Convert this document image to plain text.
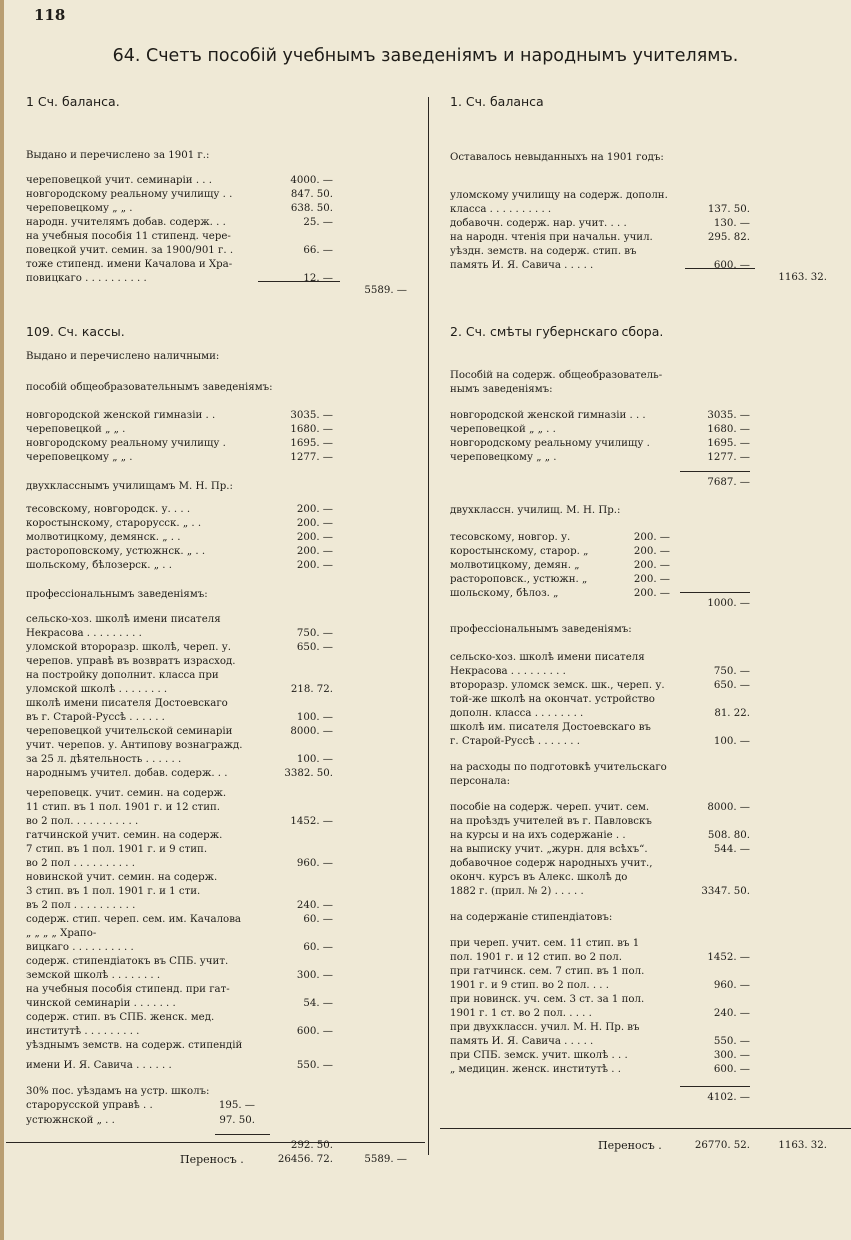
118
64. Счетъ пособій учебнымъ заведеніямъ и народнымъ учителямъ.
1 Сч. баланса.
Выдано и перечислено за 1901 г.:
череповецкой учит. семинаріи . . .	4000. —
новгородскому реальному училищу . .	847. 50.
череповецкому „ „ .	638. 50.
народн. учителямъ добав. содерж. . .	25. —
на учебныя пособія 11 стипенд. чере-
повецкой учит. семин. за 1900/901 г. .	66. —
тоже стипенд. имени Качалова и Хра-
повицкаго . . . . . . . . . .	12. —
5589. —
109. Сч. кассы.
Выдано и перечислено наличными:
пособій общеобразовательнымъ заведеніямъ:
новгородской женской гимназіи . .	3035. —
череповецкой „ „ .	1680. —
новгородскому реальному училищу .	1695. —
череповецкому „ „ .	1277. —
двухкласснымъ училищамъ М. Н. Пр.:
тесовскому, новгородск. у. . . .	200. —
коростынскому, старорусск. „ . .	200. —
молвотицкому, демянск. „ . .	200. —
растороповскому, устюжнск. „ . .	200. —
шольскому, бѣлозерск. „ . .	200. —
профессіональнымъ заведеніямъ:
сельско-хоз. школѣ имени писателя
Некрасова . . . . . . . . .	750. —
уломской второразр. школѣ, череп. у.	650. —
черепов. управѣ въ возвратъ израсход.
на постройку дополнит. класса при
уломской школѣ . . . . . . . .	218. 72.
школѣ имени писателя Достоевскаго
въ г. Старой-Руссѣ . . . . . .	100. —
череповецкой учительской семинаріи	8000. —
учит. черепов. у. Антипову вознагражд.
за 25 л. дѣятельность . . . . . .	100. —
народнымъ учител. добав. содерж. . .	3382. 50.
череповецк. учит. семин. на содерж.
11 стип. въ 1 пол. 1901 г. и 12 стип.
во 2 пол. . . . . . . . . . .	1452. —
гатчинской учит. семин. на содерж.
7 стип. въ 1 пол. 1901 г. и 9 стип.
во 2 пол . . . . . . . . . .	960. —
новинской учит. семин. на содерж.
3 стип. въ 1 пол. 1901 г. и 1 сти.
въ 2 пол . . . . . . . . . .	240. —
содерж. стип. череп. сем. им. Качалова	60. —
„ „ „ „ Храпо-
вицкаго . . . . . . . . . .	60. —
содерж. стипендіатокъ въ СПБ. учит.
земской школѣ . . . . . . . .	300. —
на учебныя пособія стипенд. при гат-
чинской семинаріи . . . . . . .	54. —
содерж. стип. въ СПБ. женск. мед.
институтѣ . . . . . . . . .	600. —
уѣзднымъ земств. на содерж. стипендій
имени И. Я. Савича . . . . . .	550. —
30% пос. уѣздамъ на устр. школъ:
старорусской управѣ . .	195. —
устюжнской „ . .	97. 50.
292. 50.
Переносъ .	26456. 72.	5589. —
1. Сч. баланса
Оставалось невыданныхъ на 1901 годъ:
уломскому училищу на содерж. дополн.
класса . . . . . . . . . .	137. 50.
добавочн. содерж. нар. учит. . . .	130. —
на народн. чтенія при начальн. учил.	295. 82.
уѣздн. земств. на содерж. стип. въ
память И. Я. Савича . . . . .	600. —
1163. 32.
2. Сч. смѣты губернскаго сбора.
Пособій на содерж. общеобразователь-
нымъ заведеніямъ:
новгородской женской гимназіи . . .	3035. —
череповецкой „ „ . .	1680. —
новгородскому реальному училищу .	1695. —
череповецкому „ „ .	1277. —
7687. —
двухклассн. училищ. М. Н. Пр.:
тесовскому, новгор. у.	200. —
коростынскому, старор. „	200. —
молвотицкому, демян. „	200. —
растороповск., устюжн. „	200. —
шольскому, бѣлоз. „	200. —
1000. —
профессіональнымъ заведеніямъ:
сельско-хоз. школѣ имени писателя
Некрасова . . . . . . . . .	750. —
второразр. уломск земск. шк., череп. у.	650. —
той-же школѣ на окончат. устройство
дополн. класса . . . . . . . .	81. 22.
школѣ им. писателя Достоевскаго въ
г. Старой-Руссѣ . . . . . . .	100. —
на расходы по подготовкѣ учительскаго
персонала:
пособіе на содерж. череп. учит. сем.	8000. —
на проѣздъ учителей въ г. Павловскъ
на курсы и на ихъ содержаніе . .	508. 80.
на выписку учит. „журн. для всѣхъ“.	544. —
добавочное содерж народныхъ учит.,
оконч. курсъ въ Алекс. школѣ до
1882 г. (прил. № 2) . . . . .	3347. 50.
на содержаніе стипендіатовъ:
при череп. учит. сем. 11 стип. въ 1
пол. 1901 г. и 12 стип. во 2 пол.	1452. —
при гатчинск. сем. 7 стип. въ 1 пол.
1901 г. и 9 стип. во 2 пол. . . .	960. —
при новинск. уч. сем. 3 ст. за 1 пол.
1901 г. 1 ст. во 2 пол. . . . .	240. —
при двухклассн. учил. М. Н. Пр. въ
память И. Я. Савича . . . . .	550. —
при СПБ. земск. учит. школѣ . . .	300. —
„ медицин. женск. институтѣ . .	600. —
4102. —
Переносъ .	26770. 52.	1163. 32.
